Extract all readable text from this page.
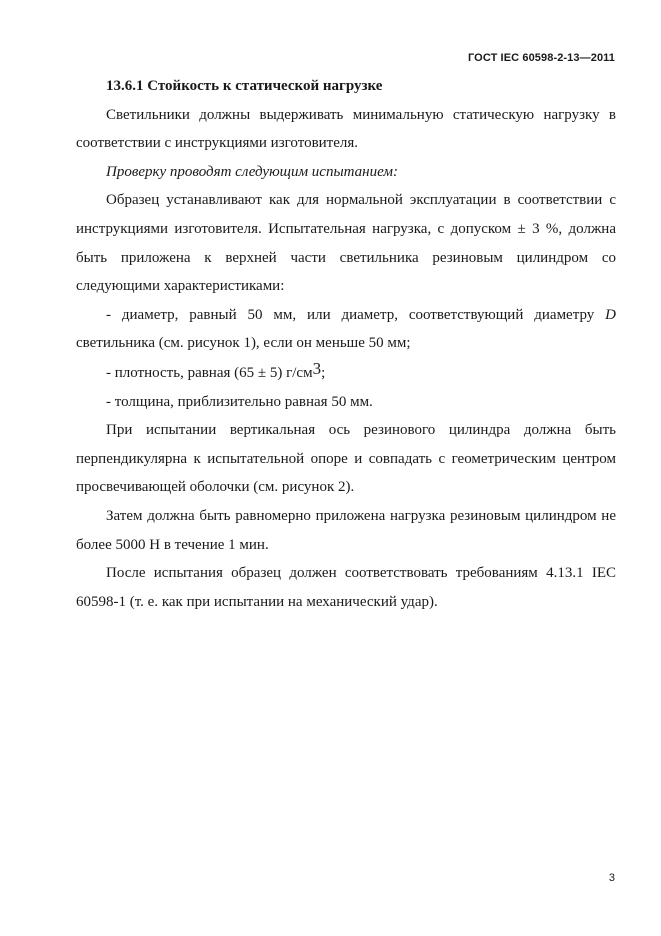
ГОСТ IEC 60598-2-13—2011

13.6.1 Стойкость к статической нагрузке

Светильники должны выдерживать минимальную статическую нагрузку в соответствии с инструкциями изготовителя.

Проверку проводят следующим испытанием:

Образец устанавливают как для нормальной эксплуатации в соответствии с инструкциями изготовителя. Испытательная нагрузка, с допуском ± 3 %, должна быть приложена к верхней части светильника резиновым цилиндром со следующими характеристиками:

- диаметр, равный 50 мм, или диаметр, соответствующий диаметру D светильника (см. рисунок 1), если он меньше 50 мм;

- плотность, равная (65 ± 5) г/см3;

- толщина, приблизительно равная 50 мм.

При испытании вертикальная ось резинового цилиндра должна быть перпендикулярна к испытательной опоре и совпадать с геометрическим центром просвечивающей оболочки (см. рисунок 2).

Затем должна быть равномерно приложена нагрузка резиновым цилиндром не более 5000 Н в течение 1 мин.

После испытания образец должен соответствовать требованиям 4.13.1 IEC 60598-1 (т. е. как при испытании на механический удар).

3
